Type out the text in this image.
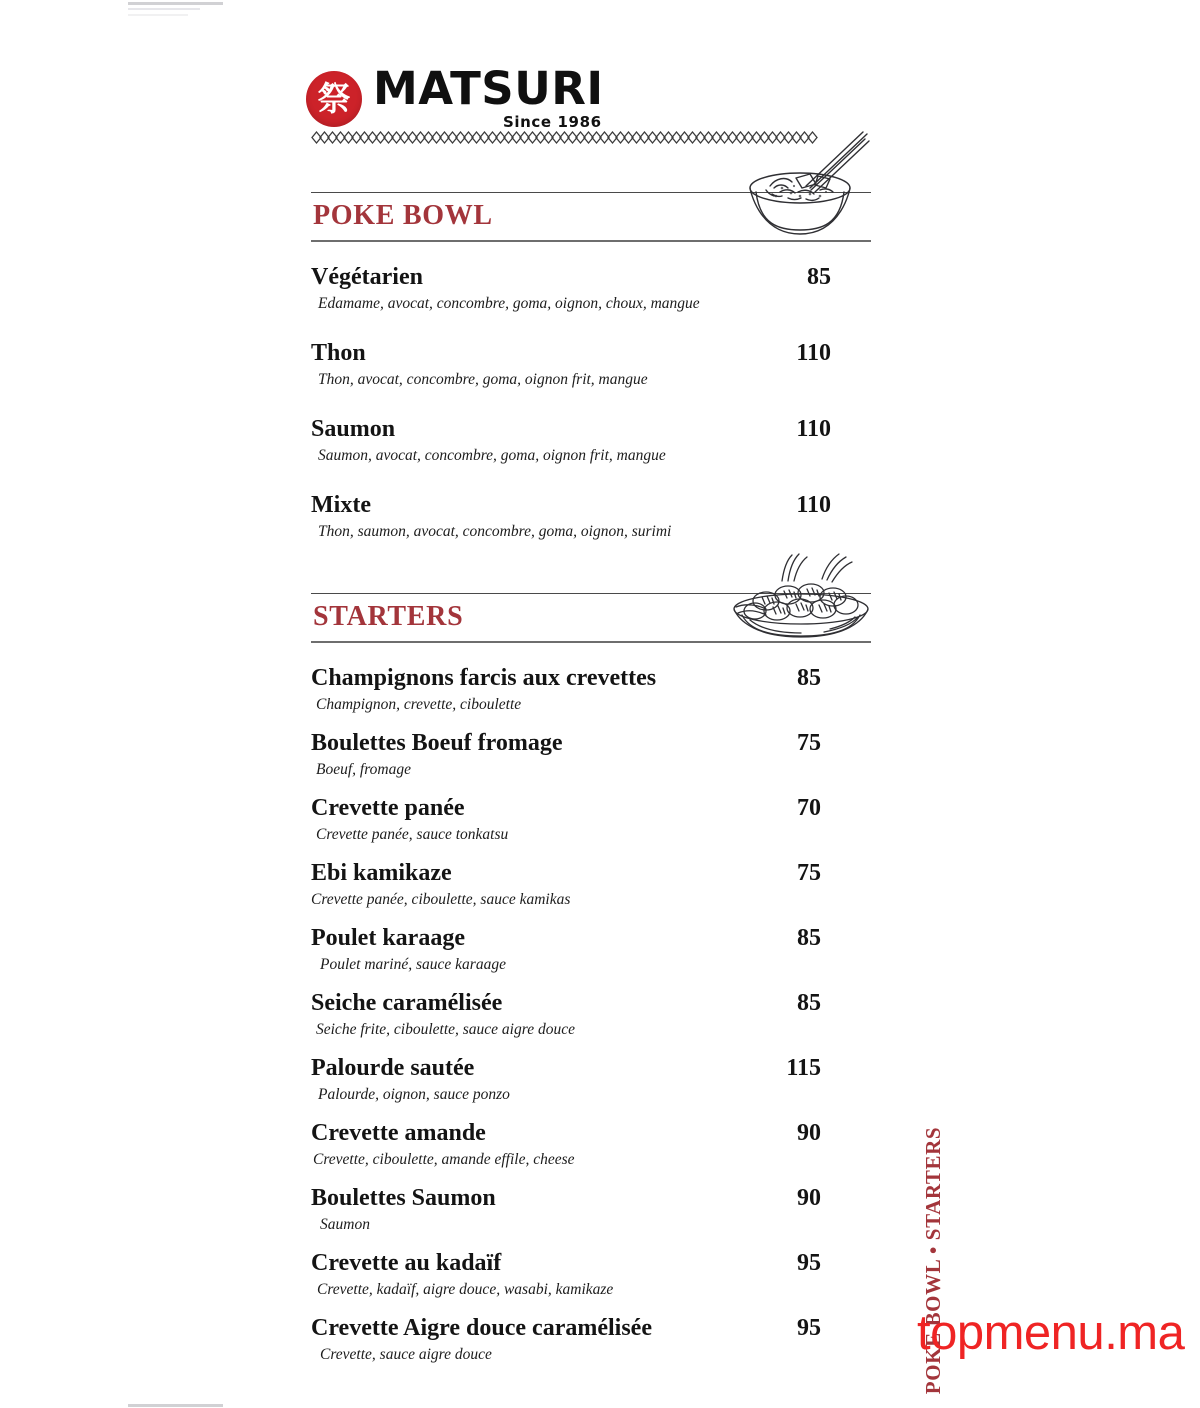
祭 MATSURI
Since 1986
POKE BOWL
Végétarien	85
Edamame, avocat, concombre, goma, oignon, choux, mangue
Thon	110
Thon, avocat, concombre, goma, oignon frit, mangue
Saumon	110
Saumon, avocat, concombre, goma, oignon frit, mangue
Mixte	110
Thon, saumon, avocat, concombre, goma, oignon, surimi
STARTERS
Champignons farcis aux crevettes	85
Champignon, crevette, ciboulette
Boulettes Boeuf fromage	75
Boeuf, fromage
Crevette panée	70
Crevette panée, sauce tonkatsu
Ebi kamikaze	75
Crevette panée, ciboulette, sauce kamikas
Poulet karaage	85
Poulet mariné, sauce karaage
Seiche caramélisée	85
Seiche frite, ciboulette, sauce aigre douce
Palourde sautée	115
Palourde, oignon, sauce ponzo
Crevette amande	90
Crevette, ciboulette, amande effile, cheese
Boulettes Saumon	90
Saumon
Crevette au kadaïf	95
Crevette, kadaïf, aigre douce, wasabi, kamikaze
Crevette Aigre douce caramélisée	95
Crevette, sauce aigre douce	POKE BOWL • STARTERS
topmenu.ma
